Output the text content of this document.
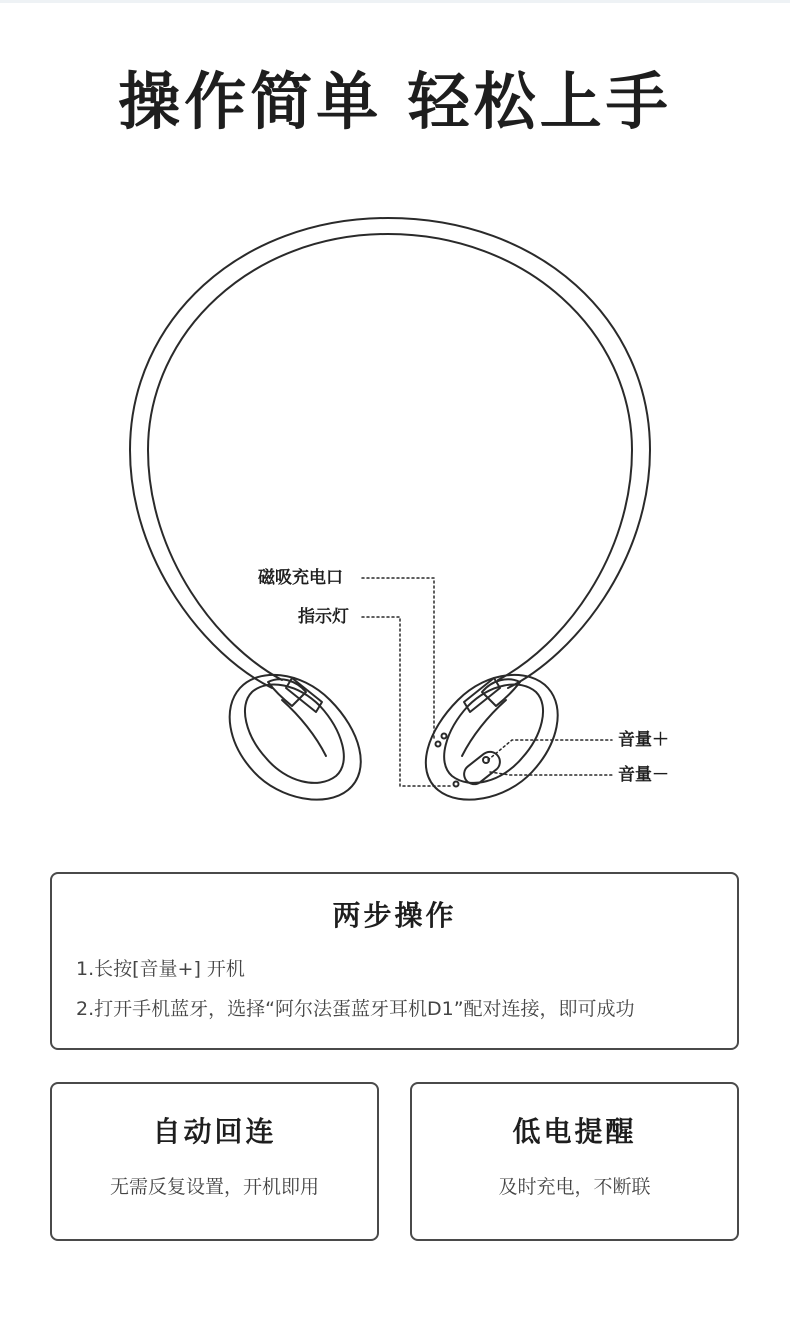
操作简单 轻松上手
磁吸充电口
指示灯
音量＋
音量－
两步操作
1.长按[音量+] 开机
2.打开手机蓝牙，选择“阿尔法蛋蓝牙耳机D1”配对连接，即可成功
自动回连
无需反复设置，开机即用
低电提醒
及时充电，不断联
